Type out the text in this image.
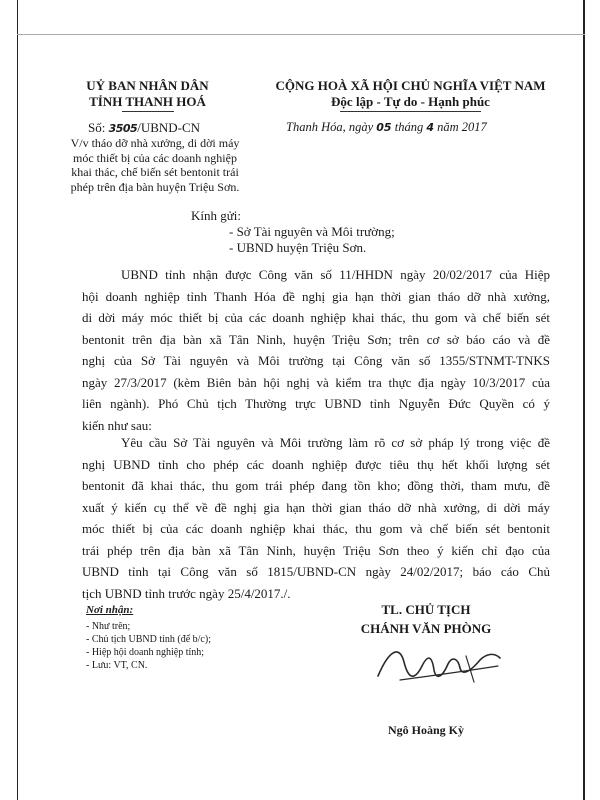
UỶ BAN NHÂN DÂN
TỈNH THANH HOÁ
CỘNG HOÀ XÃ HỘI CHỦ NGHĨA VIỆT NAM
Độc lập - Tự do - Hạnh phúc
Số: 3505/UBND-CN	Thanh Hóa, ngày 05 tháng 4 năm 2017
V/v tháo dỡ nhà xưởng, di dời máy
móc thiết bị của các doanh nghiệp
khai thác, chế biến sét bentonit trái
phép trên địa bàn huyện Triệu Sơn.
Kính gửi:
- Sở Tài nguyên và Môi trường;
- UBND huyện Triệu Sơn.
UBND tỉnh nhận được Công văn số 11/HHDN ngày 20/02/2017 của Hiệp
hội doanh nghiệp tỉnh Thanh Hóa đề nghị gia hạn thời gian tháo dỡ nhà xưởng,
di dời máy móc thiết bị của các doanh nghiệp khai thác, thu gom và chế biến sét
bentonit trên địa bàn xã Tân Ninh, huyện Triệu Sơn; trên cơ sở báo cáo và đề
nghị của Sở Tài nguyên và Môi trường tại Công văn số 1355/STNMT-TNKS
ngày 27/3/2017 (kèm Biên bản hội nghị và kiểm tra thực địa ngày 10/3/2017 của
liên ngành). Phó Chủ tịch Thường trực UBND tỉnh Nguyễn Đức Quyền có ý
kiến như sau:
Yêu cầu Sở Tài nguyên và Môi trường làm rõ cơ sở pháp lý trong việc đề
nghị UBND tỉnh cho phép các doanh nghiệp được tiêu thụ hết khối lượng sét
bentonit đã khai thác, thu gom trái phép đang tồn kho; đồng thời, tham mưu, đề
xuất ý kiến cụ thể về đề nghị gia hạn thời gian tháo dỡ nhà xưởng, di dời máy
móc thiết bị của các doanh nghiệp khai thác, thu gom và chế biến sét bentonit
trái phép trên địa bàn xã Tân Ninh, huyện Triệu Sơn theo ý kiến chỉ đạo của
UBND tỉnh tại Công văn số 1815/UBND-CN ngày 24/02/2017; báo cáo Chủ
tịch UBND tỉnh trước ngày 25/4/2017./.
Nơi nhận:
- Như trên;
- Chủ tịch UBND tỉnh (để b/c);
- Hiệp hội doanh nghiệp tỉnh;
- Lưu: VT, CN.
TL. CHỦ TỊCH
CHÁNH VĂN PHÒNG
Ngô Hoàng Kỳ
